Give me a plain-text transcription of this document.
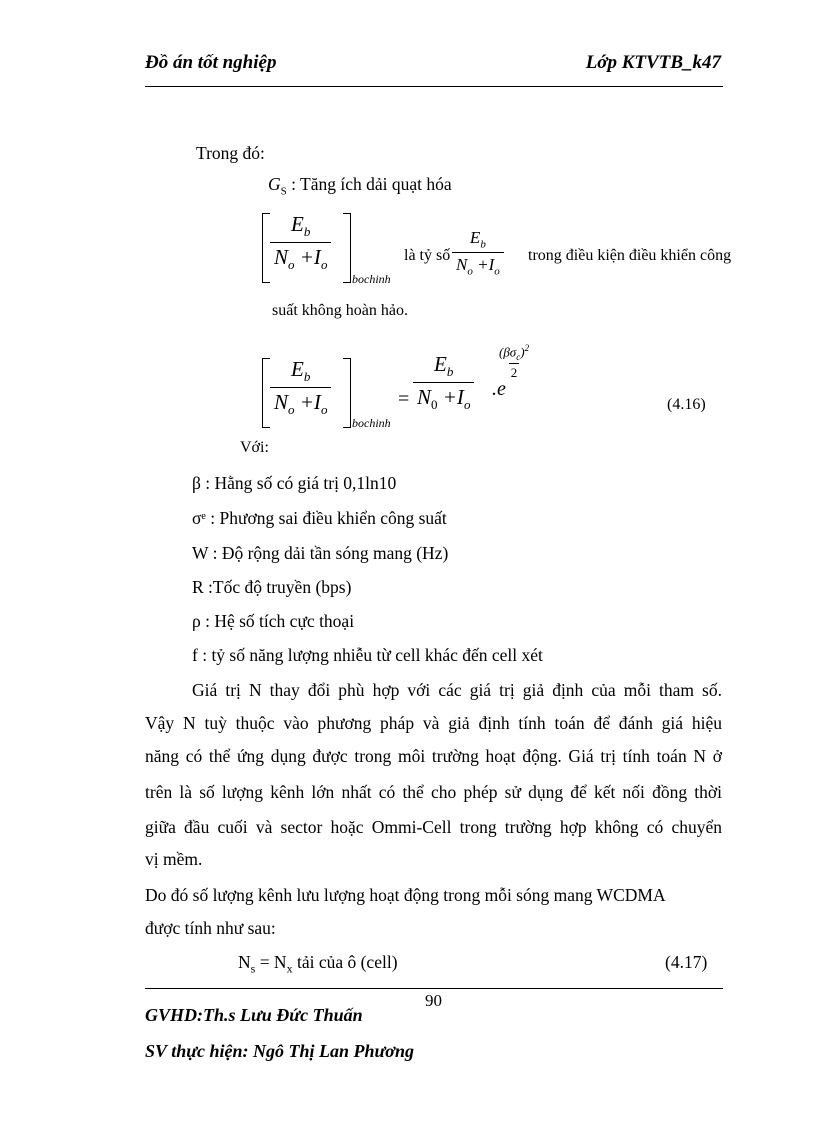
Đồ án tốt nghiệp	Lớp KTVTB_k47
Trong đó:
$G_S$ : Tăng ích dải quạt hóa
$\frac{E_b}{N_o +I_o}$
bochinh
là tỷ số $\frac{E_b}{N_o +I_o}$ trong điều kiện điều khiển công
suất không hoàn hảo.
$\frac{E_b}{N_o +I_o}$
bochinh
= $\frac{E_b}{N_0 +I_o} .e$
$\frac{(\beta\sigma_c)^2}{2}$
(4.16)
Với:
β : Hằng số có giá trị 0,1ln10
σᵉ : Phương sai điều khiển công suất
W : Độ rộng dải tần sóng mang (Hz)
R :Tốc độ truyền (bps)
ρ : Hệ số tích cực thoại
f : tỷ số năng lượng nhiễu từ cell khác đến cell xét
Giá trị N thay đổi phù hợp với các giá trị giả định của mỗi tham số.
Vậy N tuỳ thuộc vào phương pháp và giả định tính toán để đánh giá hiệu
năng có thể ứng dụng được trong môi trường hoạt động. Giá trị tính toán N ở
trên là số lượng kênh lớn nhất có thể cho phép sử dụng để kết nối đồng thời
giữa đầu cuối và sector hoặc Ommi-Cell trong trường hợp không có chuyển
vị mềm.
Do đó số lượng kênh lưu lượng hoạt động trong mỗi sóng mang WCDMA
được tính như sau:
$N_s = N_x$ tải của ô (cell)	(4.17)
90
GVHD:Th.s Lưu Đức Thuấn
SV thực hiện: Ngô Thị Lan Phương
